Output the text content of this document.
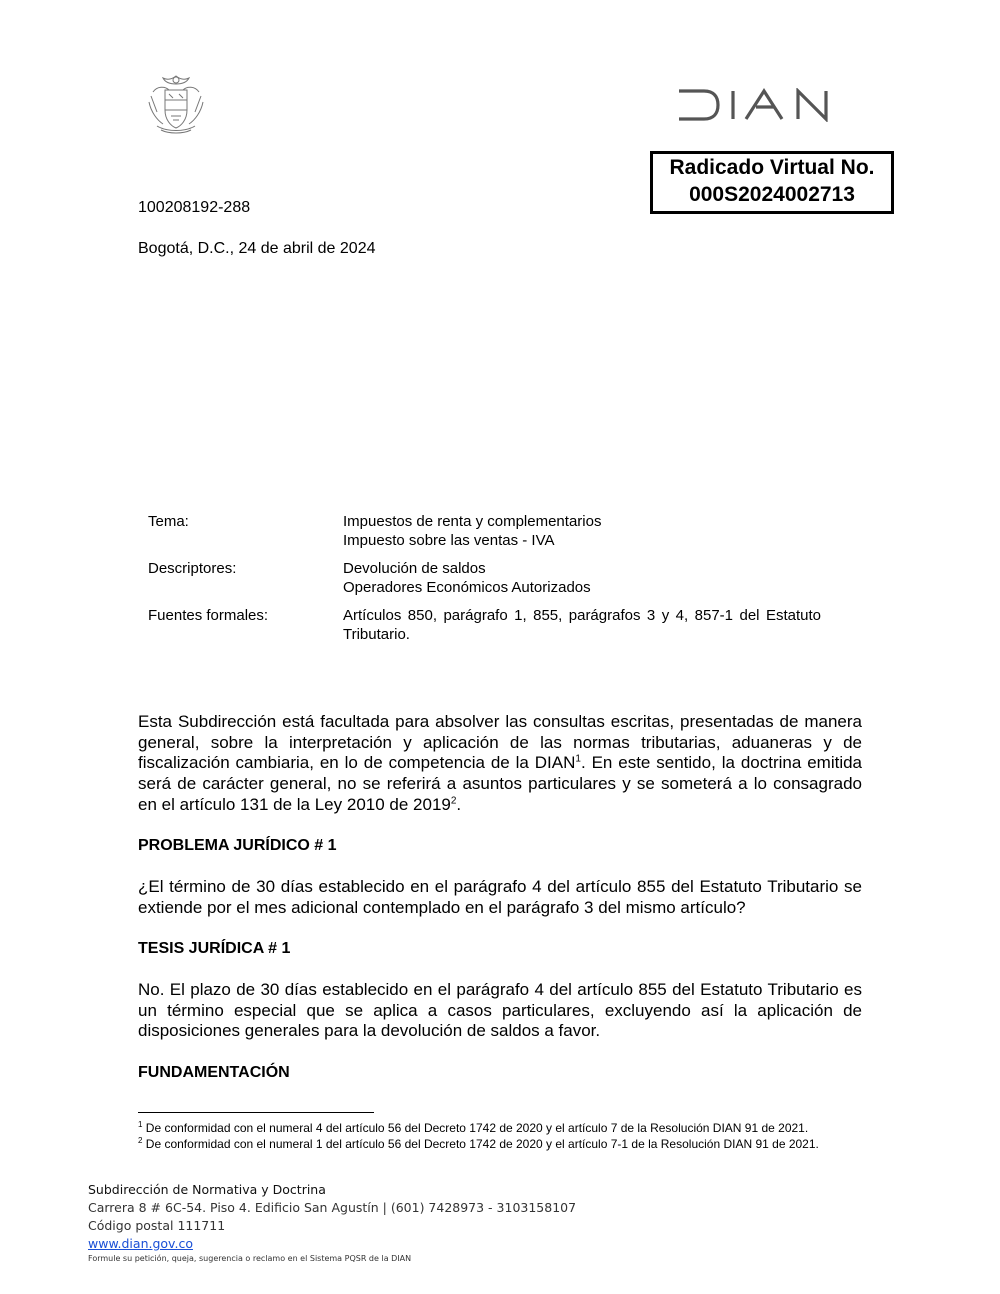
DIAN
Radicado Virtual No.
000S2024002713
100208192-288
Bogotá, D.C., 24 de abril de 2024
Tema:	Impuestos de renta y complementarios
Impuesto sobre las ventas - IVA
Descriptores:	Devolución de saldos
Operadores Económicos Autorizados
Fuentes formales:	Artículos 850, parágrafo 1, 855, parágrafos 3 y 4, 857-1 del Estatuto Tributario.
Esta Subdirección está facultada para absolver las consultas escritas, presentadas de manera general, sobre la interpretación y aplicación de las normas tributarias, aduaneras y de fiscalización cambiaria, en lo de competencia de la DIAN$^1$. En este sentido, la doctrina emitida será de carácter general, no se referirá a asuntos particulares y se someterá a lo consagrado en el artículo 131 de la Ley 2010 de 2019$^2$.
PROBLEMA JURÍDICO # 1
¿El término de 30 días establecido en el parágrafo 4 del artículo 855 del Estatuto Tributario se extiende por el mes adicional contemplado en el parágrafo 3 del mismo artículo?
TESIS JURÍDICA # 1
No. El plazo de 30 días establecido en el parágrafo 4 del artículo 855 del Estatuto Tributario es un término especial que se aplica a casos particulares, excluyendo así la aplicación de disposiciones generales para la devolución de saldos a favor.
FUNDAMENTACIÓN
$^1$ De conformidad con el numeral 4 del artículo 56 del Decreto 1742 de 2020 y el artículo 7 de la Resolución DIAN 91 de 2021.
$^2$ De conformidad con el numeral 1 del artículo 56 del Decreto 1742 de 2020 y el artículo 7-1 de la Resolución DIAN 91 de 2021.
Subdirección de Normativa y Doctrina
Carrera 8 # 6C-54. Piso 4. Edificio San Agustín | (601) 7428973 - 3103158107
Código postal 111711
www.dian.gov.co
Formule su petición, queja, sugerencia o reclamo en el Sistema PQSR de la DIAN
